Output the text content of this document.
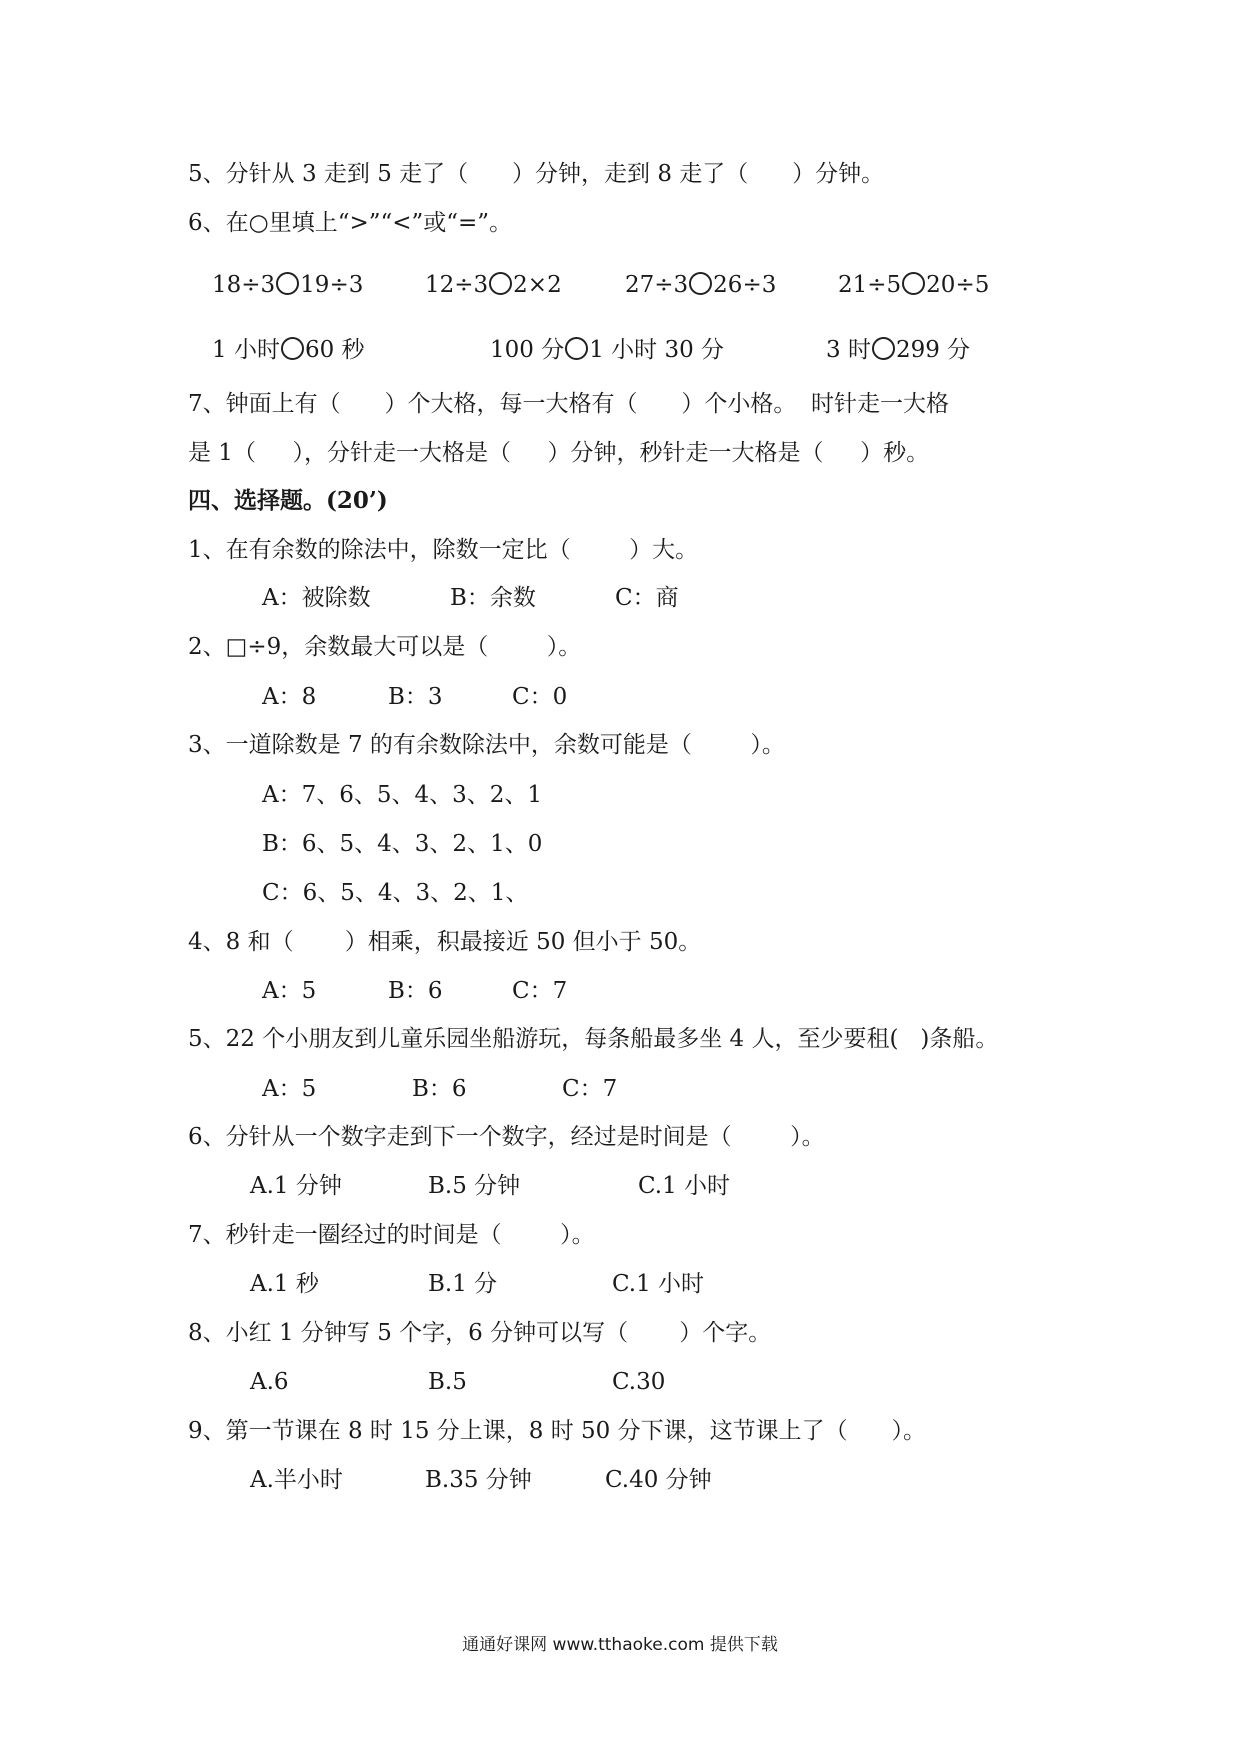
5、分针从 3 走到 5 走了（      ）分钟，走到 8 走了（      ）分钟。
6、在○里填上“>”“<”或“=”。
18÷3 19÷3	12÷3 2×2	27÷3 26÷3	21÷5 20÷5
1 小时 60 秒	100 分 1 小时 30 分	3 时 299 分
7、钟面上有（      ）个大格，每一大格有（      ）个小格。  时针走一大格
是 1（     ），分针走一大格是（     ）分钟，秒针走一大格是（     ）秒。
四、选择题。(20’)
1、在有余数的除法中，除数一定比（        ）大。
A：被除数	B：余数	C：商
2、□÷9，余数最大可以是（        ）。
A：8	B：3	C：0
3、一道除数是 7 的有余数除法中，余数可能是（        ）。
A：7、6、5、4、3、2、1
B：6、5、4、3、2、1、0
C：6、5、4、3、2、1、
4、8 和（       ）相乘，积最接近 50 但小于 50。
A：5	B：6	C：7
5、22 个小朋友到儿童乐园坐船游玩，每条船最多坐 4 人，至少要租(   )条船。
A：5	B：6	C：7
6、分针从一个数字走到下一个数字，经过是时间是（        ）。
A.1 分钟	B.5 分钟	C.1 小时
7、秒针走一圈经过的时间是（        ）。
A.1 秒	B.1 分	C.1 小时
8、小红 1 分钟写 5 个字，6 分钟可以写（       ）个字。
A.6	B.5	C.30
9、第一节课在 8 时 15 分上课，8 时 50 分下课，这节课上了（      ）。
A.半小时	B.35 分钟	C.40 分钟
通通好课网 www.tthaoke.com 提供下载
